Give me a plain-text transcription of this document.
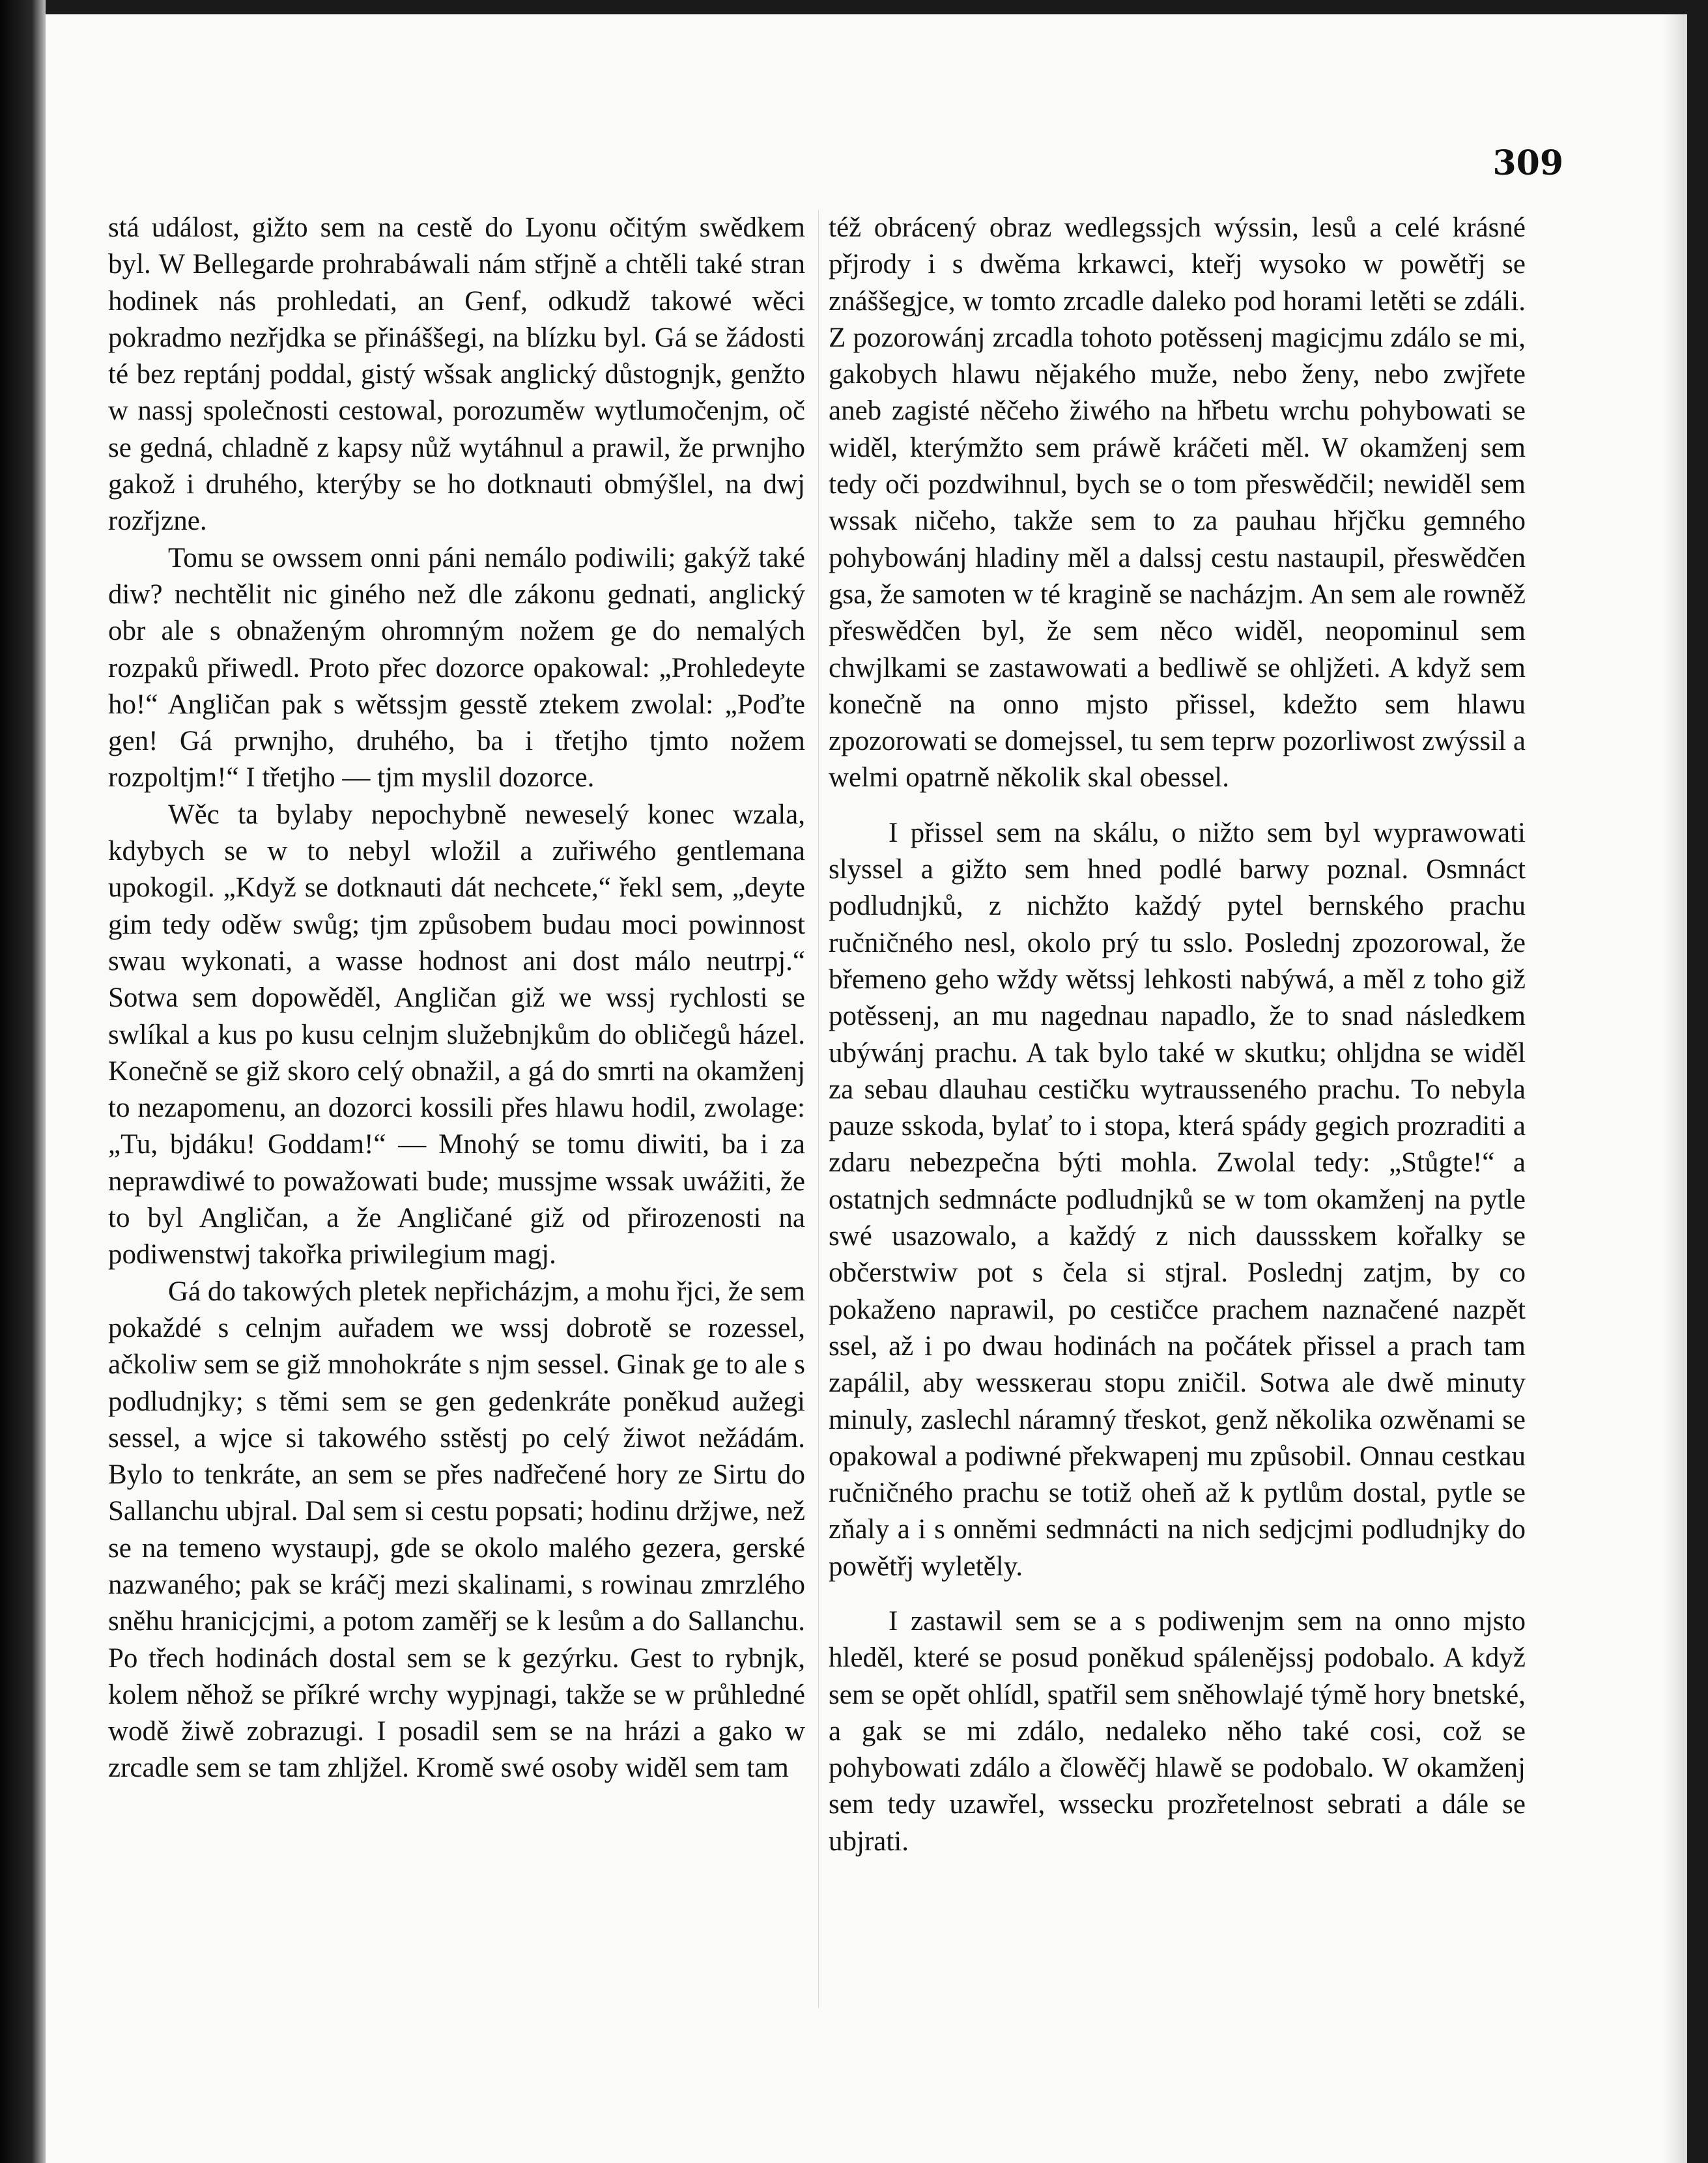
309

stá událost, gižto sem na cestě do Lyonu očitým swědkem byl. W Bellegarde prohrabáwali nám střjně a chtěli také stran hodinek nás prohledati, an Genf, odkudž takowé wěci pokradmo nezřjdka se přináššegi, na blízku byl. Gá se žádosti té bez reptánj poddal, gistý wšsak anglický důstognjk, genžto w nassj společnosti cestowal, porozuměw wytlumočenjm, oč se gedná, chladně z kapsy nůž wytáhnul a prawil, že prwnjho gakož i druhého, kterýby se ho dotknauti obmýšlel, na dwj rozřjzne.

Tomu se owssem onni páni nemálo podiwili; gakýž také diw? nechtělit nic giného než dle zákonu gednati, anglický obr ale s obnaženým ohromným nožem ge do nemalých rozpaků přiwedl. Proto přec dozorce opakowal: „Prohledeyte ho!“ Angličan pak s wětssjm gesstě ztekem zwolal: „Poďte gen! Gá prwnjho, druhého, ba i třetjho tjmto nožem rozpoltjm!“ I třetjho — tjm myslil dozorce.

Wěc ta bylaby nepochybně neweselý konec wzala, kdybych se w to nebyl wložil a zuřiwého gentlemana upokogil. „Když se dotknauti dát nechcete,“ řekl sem, „deyte gim tedy oděw swůg; tjm způsobem budau moci powinnost swau wykonati, a wasse hodnost ani dost málo neutrpj.“ Sotwa sem dopowěděl, Angličan giž we wssj rychlosti se swlíkal a kus po kusu celnjm služebnjkům do obličegů házel. Konečně se giž skoro celý obnažil, a gá do smrti na okamženj to nezapomenu, an dozorci kossili přes hlawu hodil, zwolage: „Tu, bjdáku! Goddam!“ — Mnohý se tomu diwiti, ba i za neprawdiwé to powažowati bude; mussjme wssak uwážiti, že to byl Angličan, a že Angličané giž od přirozenosti na podiwenstwj takořka priwilegium magj.

Gá do takowých pletek nepřicházjm, a mohu řjci, že sem pokaždé s celnjm auřadem we wssj dobrotě se rozessel, ačkoliw sem se giž mnohokráte s njm sessel. Ginak ge to ale s podludnjky; s těmi sem se gen gedenkráte poněkud aužegi sessel, a wjce si takowého sstěstj po celý žiwot nežádám. Bylo to tenkráte, an sem se přes nadřečené hory ze Sirtu do Sallanchu ubjral. Dal sem si cestu popsati; hodinu držjwe, než se na temeno wystaupj, gde se okolo malého gezera, gerské nazwaného; pak se kráčj mezi skalinami, s rowinau zmrzlého sněhu hranicjcjmi, a potom zaměřj se k lesům a do Sallanchu. Po třech hodinách dostal sem se k gezýrku. Gest to rybnjk, kolem něhož se příkré wrchy wypjnagi, takže se w průhledné wodě žiwě zobrazugi. I posadil sem se na hrázi a gako w zrcadle sem se tam zhljžel. Kromě swé osoby widěl sem tam

též obrácený obraz wedlegssjch wýssin, lesů a celé krásné přjrody i s dwěma krkawci, kteřj wysoko w powětřj se znáššegjce, w tomto zrcadle daleko pod horami letěti se zdáli. Z pozorowánj zrcadla tohoto potěssenj magicjmu zdálo se mi, gakobych hlawu nějakého muže, nebo ženy, nebo zwjřete aneb zagisté něčeho žiwého na hřbetu wrchu pohybowati se widěl, kterýmžto sem práwě kráčeti měl. W okamženj sem tedy oči pozdwihnul, bych se o tom přeswědčil; newiděl sem wssak ničeho, takže sem to za pauhau hřjčku gemného pohybowánj hladiny měl a dalssj cestu nastaupil, přeswědčen gsa, že samoten w té kragině se nacházjm. An sem ale rowněž přeswědčen byl, že sem něco widěl, neopominul sem chwjlkami se zastawowati a bedliwě se ohljžeti. A když sem konečně na onno mjsto přissel, kdežto sem hlawu zpozorowati se domejssel, tu sem teprw pozorliwost zwýssil a welmi opatrně několik skal obessel.

I přissel sem na skálu, o nižto sem byl wyprawowati slyssel a gižto sem hned podlé barwy poznal. Osmnáct podludnjků, z nichžto každý pytel bernského prachu ručničného nesl, okolo prý tu sslo. Poslednj zpozorowal, že břemeno geho wždy wětssj lehkosti nabýwá, a měl z toho giž potěssenj, an mu nagednau napadlo, že to snad následkem ubýwánj prachu. A tak bylo také w skutku; ohljdna se widěl za sebau dlauhau cestičku wytraussenéhо prachu. To nebyla pauze sskoda, bylať to i stopa, která spády gegich prozraditi a zdaru nebezpečna býti mohla. Zwolal tedy: „Stůgte!“ a ostatnjch sedmnácte podludnjků se w tom okamženj na pytle swé usazowalo, a každý z nich daussskem kořalky se občerstwiw pot s čela si stjral. Poslednj zatjm, by co pokaženo naprawil, po cestičce prachem naznačené nazpět ssel, až i po dwau hodinách na počátek přissel a prach tam zapálil, aby wessкerau stopu zničil. Sotwa ale dwě minuty minuly, zaslechl náramný třeskot, genž několika ozwěnami se opakowal a podiwné překwapenj mu způsobil. Onnau cestkau ručničného prachu se totiž oheň až k pytlům dostal, pytle se zňaly a i s onněmi sedmnácti na nich sedjcjmi podludnjky do powětřj wyletěly.

I zastawil sem se a s podiwenjm sem na onno mjsto hleděl, které se posud poněkud spálenějssj podobalo. A když sem se opět ohlídl, spatřil sem sněhowlajé týmě hory bnetské, a gak se mi zdálo, nedaleko něho také cosi, což se pohybowati zdálo a člowěčj hlawě se podobalo. W okamženj sem tedy uzawřel, wssecku prozřetelnost sebrati a dále se ubjrati.
